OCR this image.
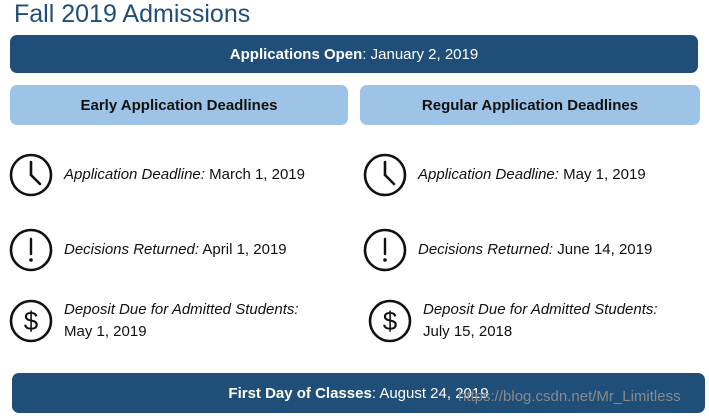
Fall 2019 Admissions
Applications Open : January 2, 2019
Early Application Deadlines	Regular Application Deadlines
Application Deadline: March 1, 2019
Decisions Returned: April 1, 2019
$ Deposit Due for Admitted Students:
May 1, 2019
Application Deadline: May 1, 2019
Decisions Returned: June 14, 2019
$ Deposit Due for Admitted Students:
July 15, 2018
First Day of Classes : August 24, 2019
https://blog.csdn.net/Mr_Limitless
